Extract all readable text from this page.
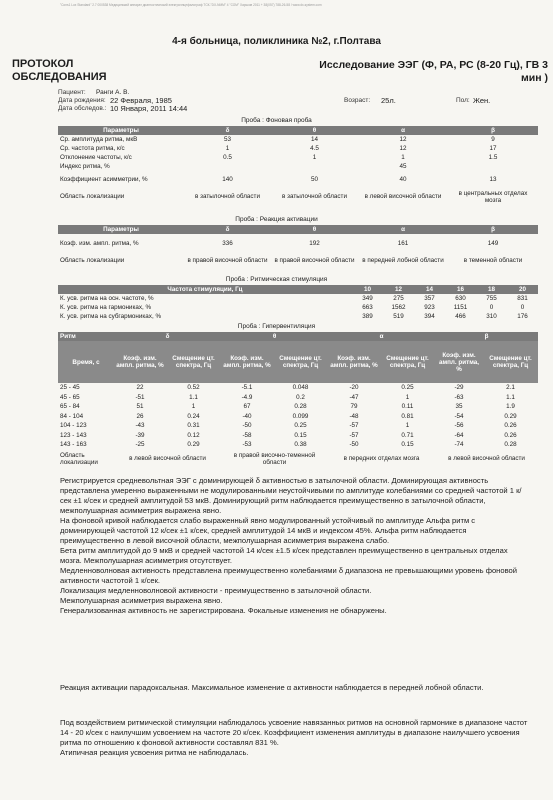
"Cons1 Lux Standard" 2.7 000538 Медицинский аппарат диагностический электроэнцефалограф ТСК-"DX-NMM" 4 "СОМ" Харьков 2011 + 38(057) 788-26-58 / www.dx-system.com
4-я больница, поликлиника №2, г.Полтава
ПРОТОКОЛ
ОБСЛЕДОВАНИЯ
Исследование ЭЭГ (Ф, РА, РС (8-20 Гц), ГВ 3
мин )
Пациент: Ранги А. В.
Дата рождения: 22 Февраля, 1985	Возраст: 25л.	Пол: Жен.
Дата обследов.: 10 Января, 2011 14:44
Проба : Фоновая проба
Параметры	δ	θ	α	β
Ср. амплитуда ритма, мкВ	53	14	12	9
Ср. частота ритма, к/с	1	4.5	12	17
Отклонение частоты, к/с	0.5	1	1	1.5
Индекс ритма, %			45	
Коэффициент асимметрии, %	140	50	40	13
Область локализации	в затылочной области	в затылочной области	в левой височной области	в центральных отделах мозга
Проба : Реакция активации
Параметры	δ	θ	α	β
Коэф. изм. ампл. ритма, %	336	192	161	149
Область локализации	в правой височной области	в правой височной области	в передней лобной области	в теменной области
Проба : Ритмическая стимуляция
Частота стимуляции, Гц	10	12	14	16	18	20
К. усв. ритма на осн. частоте, %	349	275	357	630	755	831
К. усв. ритма на гармониках, %	663	1562	923	1151	0	0
К. усв. ритма на субгармониках, %	389	519	394	466	310	176
Проба : Гипервентиляция
Ритм	δ		θ		α		β	
Время, с	Коэф. изм. ампл. ритма, %	Смещение цт. спектра, Гц	Коэф. изм. ампл. ритма, %	Смещение цт. спектра, Гц	Коэф. изм. ампл. ритма, %	Смещение цт. спектра, Гц	Коэф. изм. ампл. ритма, %	Смещение цт. спектра, Гц
25 - 45	22	0.52	-5.1	0.048	-20	0.25	-29	2.1
45 - 65	-51	1.1	-4.9	0.2	-47	1	-63	1.1
65 - 84	51	1	67	0.28	79	0.11	35	1.9
84 - 104	26	0.24	-40	0.099	-48	0.81	-54	0.29
104 - 123	-43	0.31	-50	0.25	-57	1	-56	0.26
123 - 143	-39	0.12	-58	0.15	-57	0.71	-64	0.26
143 - 163	-25	0.29	-53	0.38	-50	0.15	-74	0.28
Область локализации	в левой височной области		в правой височно-теменной области		в передних отделах мозга		в левой височной области	

Регистрируется средневольтная ЭЭГ с доминирующей δ активностью в затылочной области. Доминирующая активность представлена умеренно выраженными не модулированными неустойчивыми по амплитуде колебаниями со средней частотой 1 к/сек ±1 к/сек и средней амплитудой 53 мкВ. Доминирующий ритм наблюдается преимущественно в затылочной области, межполушарная асимметрия выражена явно.

На фоновой кривой наблюдается слабо выраженный явно модулированный устойчивый по амплитуде Альфа ритм с доминирующей частотой 12 к/сек ±1 к/сек, средней амплитудой 14 мкВ и индексом 45%. Альфа ритм наблюдается преимущественно в левой височной области, межполушарная асимметрия выражена слабо.

Бета ритм амплитудой до 9 мкВ и средней частотой 14 к/сек ±1.5 к/сек представлен преимущественно в центральных отделах мозга. Межполушарная асимметрия отсутствует.

Медленноволновая активность представлена преимущественно колебаниями δ диапазона не превышающими уровень фоновой активности частотой 1 к/сек.

Локализация медленноволновой активности - преимущественно в затылочной области.

Межполушарная асимметрия выражена явно.

Генерализованная активность не зарегистрирована. Фокальные изменения не обнаружены.

Реакция активации парадоксальная. Максимальное изменение α активности наблюдается в передней лобной области.

Под воздействием ритмической стимуляции наблюдалось усвоение навязанных ритмов на основной гармонике в диапазоне частот 14 - 20 к/сек с наилучшим усвоением на частоте 20 к/сек. Коэффициент изменения амплитуды в диапазоне наилучшего усвоения ритма по отношению к фоновой активности составлял 831 %.

Атипичная реакция усвоения ритма не наблюдалась.
